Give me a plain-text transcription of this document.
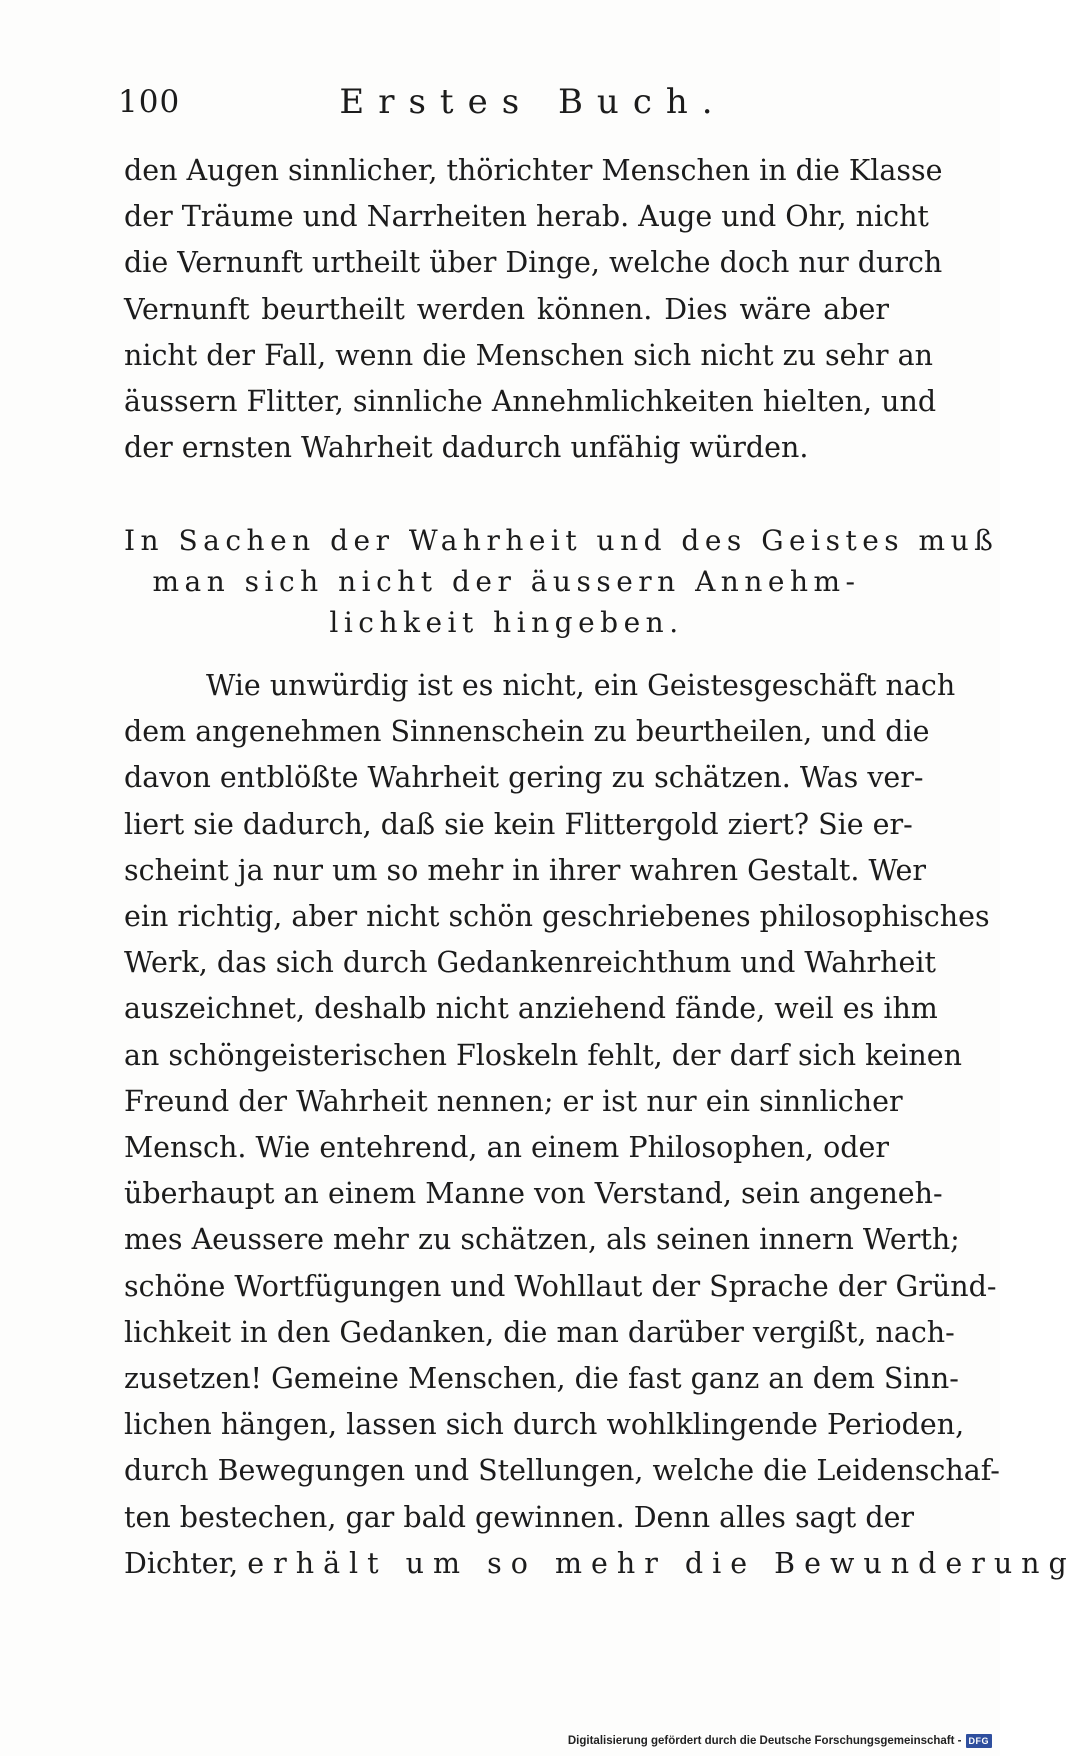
100	Erstes Buch.
den Augen sinnlicher, thörichter Menschen in die Klasse
der Träume und Narrheiten herab. Auge und Ohr, nicht
die Vernunft urtheilt über Dinge, welche doch nur durch
Vernunft beurtheilt werden können. Dies wäre aber
nicht der Fall, wenn die Menschen sich nicht zu sehr an
äussern Flitter, sinnliche Annehmlichkeiten hielten, und
der ernsten Wahrheit dadurch unfähig würden.
In Sachen der Wahrheit und des Geistes muß
man sich nicht der äussern Annehm-
lichkeit hingeben.
Wie unwürdig ist es nicht, ein Geistesgeschäft nach
dem angenehmen Sinnenschein zu beurtheilen, und die
davon entblößte Wahrheit gering zu schätzen. Was ver-
liert sie dadurch, daß sie kein Flittergold ziert? Sie er-
scheint ja nur um so mehr in ihrer wahren Gestalt. Wer
ein richtig, aber nicht schön geschriebenes philosophisches
Werk, das sich durch Gedankenreichthum und Wahrheit
auszeichnet, deshalb nicht anziehend fände, weil es ihm
an schöngeisterischen Floskeln fehlt, der darf sich keinen
Freund der Wahrheit nennen; er ist nur ein sinnlicher
Mensch. Wie entehrend, an einem Philosophen, oder
überhaupt an einem Manne von Verstand, sein angeneh-
mes Aeussere mehr zu schätzen, als seinen innern Werth;
schöne Wortfügungen und Wohllaut der Sprache der Gründ-
lichkeit in den Gedanken, die man darüber vergißt, nach-
zusetzen! Gemeine Menschen, die fast ganz an dem Sinn-
lichen hängen, lassen sich durch wohlklingende Perioden,
durch Bewegungen und Stellungen, welche die Leidenschaf-
ten bestechen, gar bald gewinnen. Denn alles sagt der
Dichter, erhält um so mehr die Bewunderung
Digitalisierung gefördert durch die Deutsche Forschungsgemeinschaft - DFG
